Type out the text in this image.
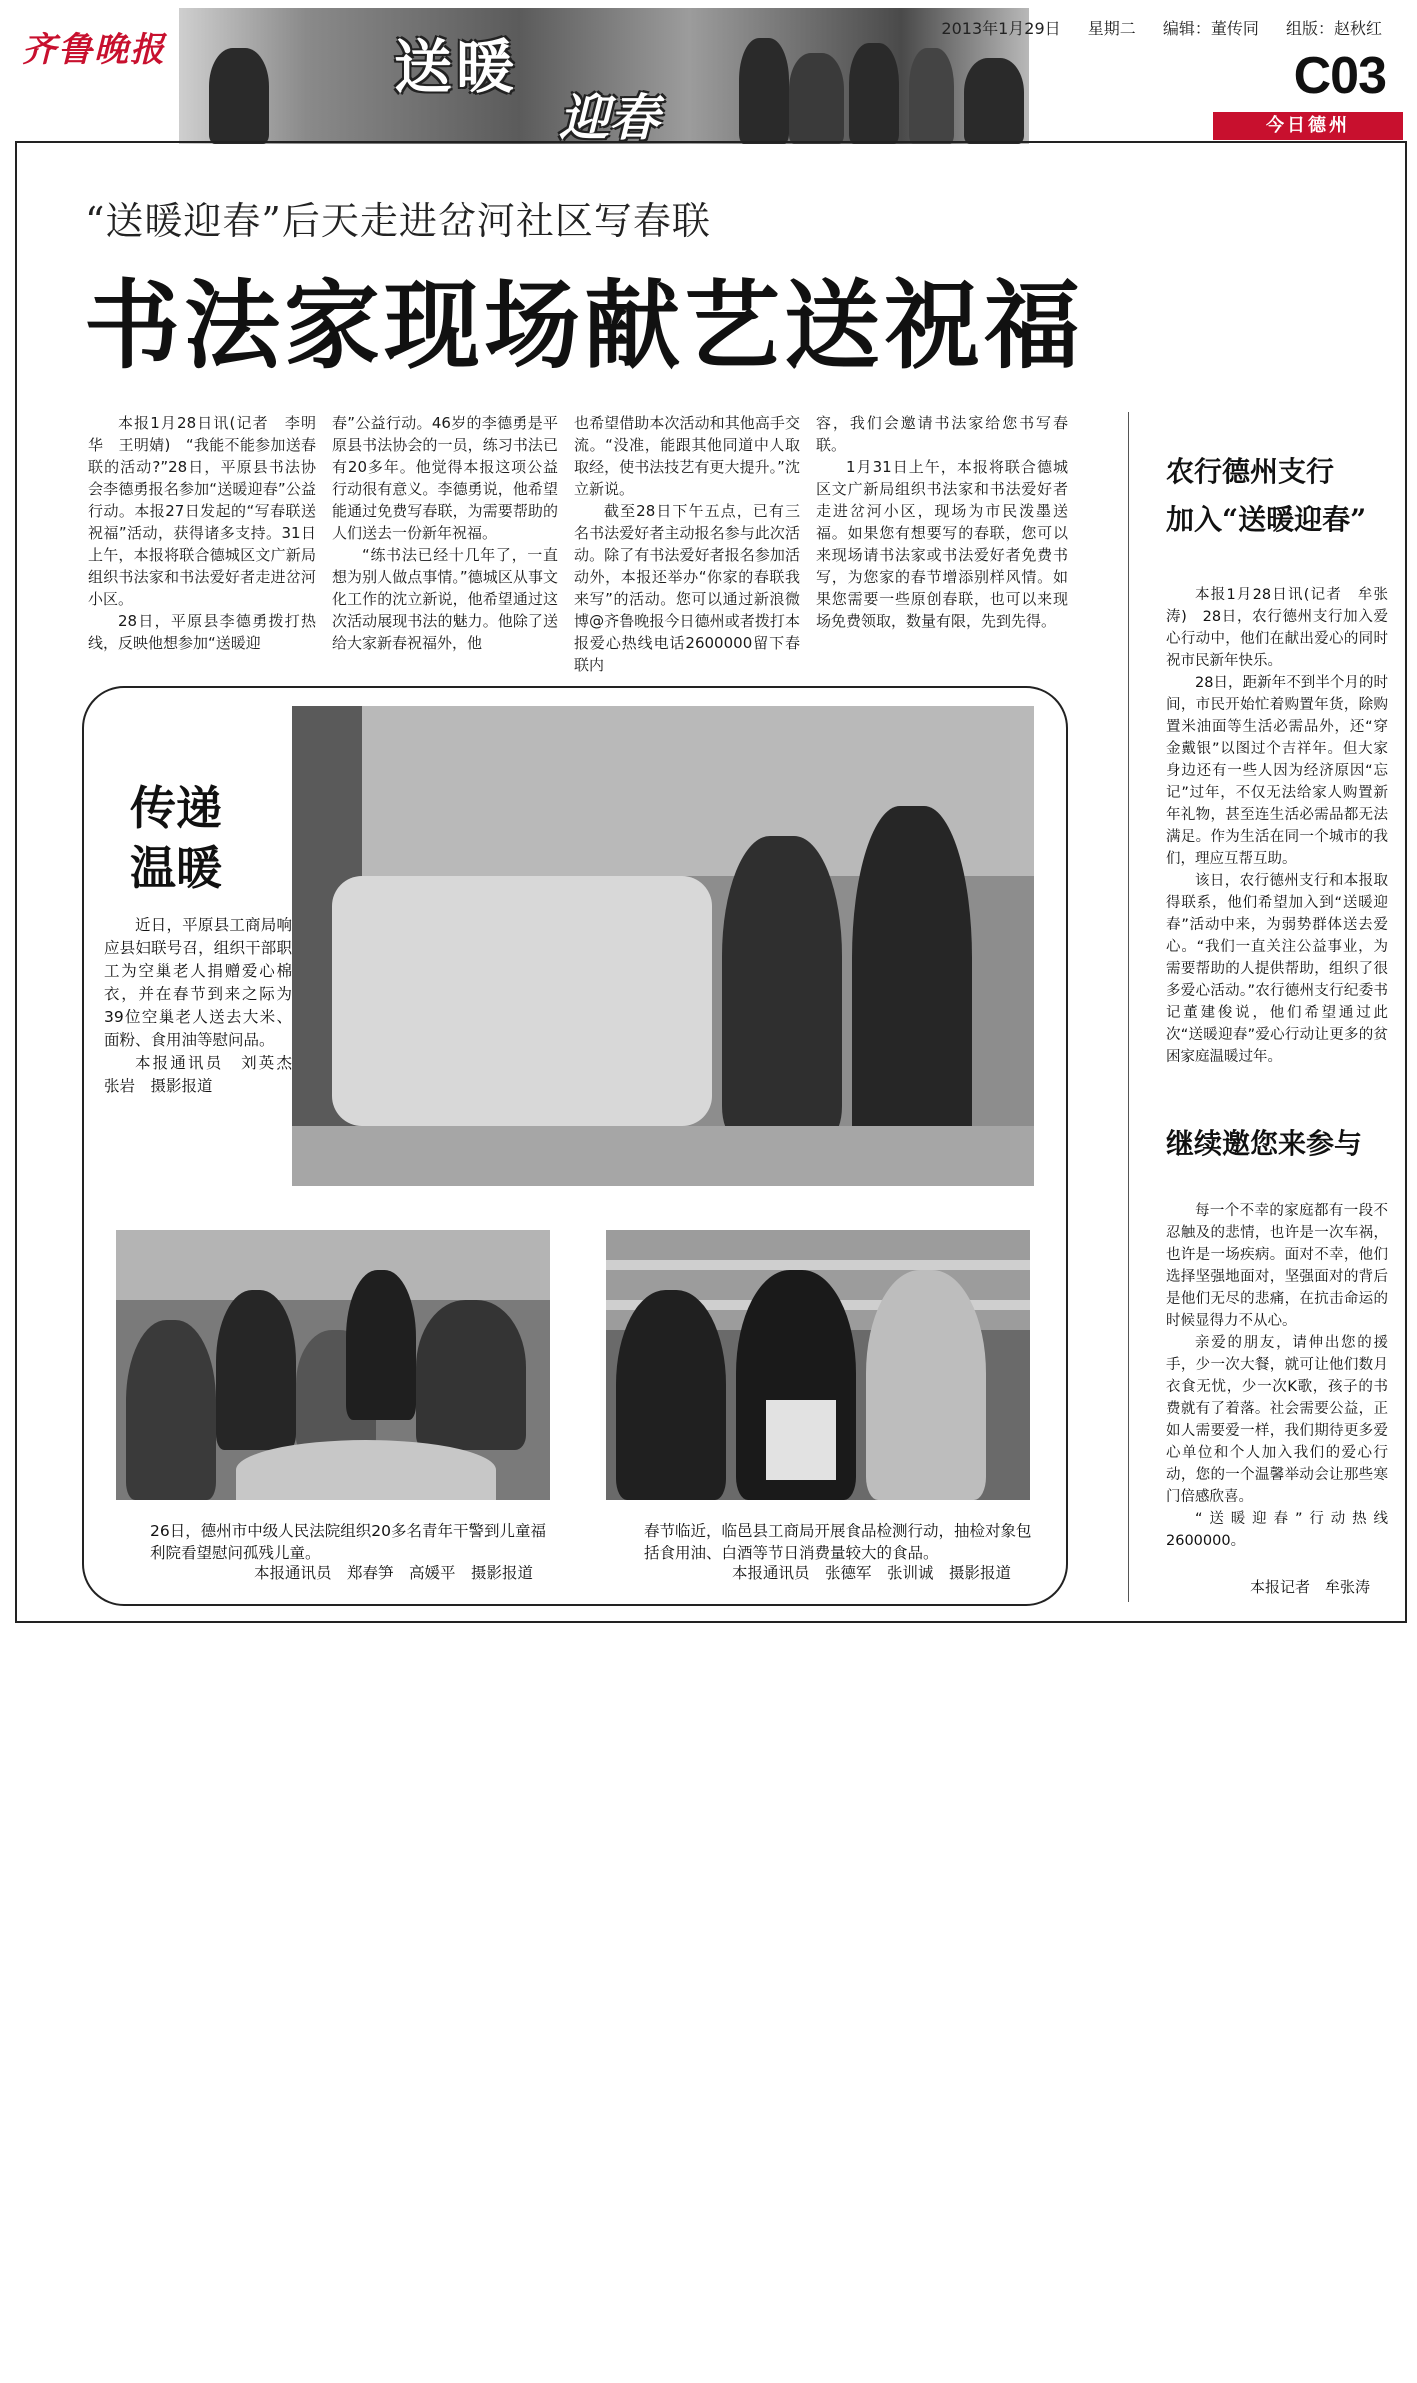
齐鲁晚报	送暖
迎春
2013年1月29日 星期二 编辑：董传同 组版：赵秋红
C03
今日德州
“送暖迎春”后天走进岔河社区写春联
书法家现场献艺送祝福

本报1月28日讯(记者　李明华　王明婧)　“我能不能参加送春联的活动?”28日，平原县书法协会李德勇报名参加“送暖迎春”公益行动。本报27日发起的“写春联送祝福”活动，获得诸多支持。31日上午，本报将联合德城区文广新局组织书法家和书法爱好者走进岔河小区。

28日，平原县李德勇拨打热线，反映他想参加“送暖迎

春”公益行动。46岁的李德勇是平原县书法协会的一员，练习书法已有20多年。他觉得本报这项公益行动很有意义。李德勇说，他希望能通过免费写春联，为需要帮助的人们送去一份新年祝福。

“练书法已经十几年了，一直想为别人做点事情。”德城区从事文化工作的沈立新说，他希望通过这次活动展现书法的魅力。他除了送给大家新春祝福外，他

也希望借助本次活动和其他高手交流。“没准，能跟其他同道中人取取经，使书法技艺有更大提升。”沈立新说。

截至28日下午五点，已有三名书法爱好者主动报名参与此次活动。除了有书法爱好者报名参加活动外，本报还举办“你家的春联我来写”的活动。您可以通过新浪微博@齐鲁晚报今日德州或者拨打本报爱心热线电话2600000留下春联内

容，我们会邀请书法家给您书写春联。

1月31日上午，本报将联合德城区文广新局组织书法家和书法爱好者走进岔河小区，现场为市民泼墨送福。如果您有想要写的春联，您可以来现场请书法家或书法爱好者免费书写，为您家的春节增添别样风情。如果您需要一些原创春联，也可以来现场免费领取，数量有限，先到先得。

传递
温暖

近日，平原县工商局响应县妇联号召，组织干部职工为空巢老人捐赠爱心棉衣，并在春节到来之际为39位空巢老人送去大米、面粉、食用油等慰问品。

本报通讯员　刘英杰　张岩　摄影报道

26日，德州市中级人民法院组织20多名青年干警到儿童福利院看望慰问孤残儿童。
本报通讯员　郑春笋　高媛平　摄影报道
春节临近，临邑县工商局开展食品检测行动，抽检对象包括食用油、白酒等节日消费量较大的食品。
本报通讯员　张德军　张训诚　摄影报道
农行德州支行
加入“送暖迎春”

本报1月28日讯(记者　牟张涛)　28日，农行德州支行加入爱心行动中，他们在献出爱心的同时祝市民新年快乐。

28日，距新年不到半个月的时间，市民开始忙着购置年货，除购置米油面等生活必需品外，还“穿金戴银”以图过个吉祥年。但大家身边还有一些人因为经济原因“忘记”过年，不仅无法给家人购置新年礼物，甚至连生活必需品都无法满足。作为生活在同一个城市的我们，理应互帮互助。

该日，农行德州支行和本报取得联系，他们希望加入到“送暖迎春”活动中来，为弱势群体送去爱心。“我们一直关注公益事业，为需要帮助的人提供帮助，组织了很多爱心活动。”农行德州支行纪委书记董建俊说，他们希望通过此次“送暖迎春”爱心行动让更多的贫困家庭温暖过年。

继续邀您来参与

每一个不幸的家庭都有一段不忍触及的悲情，也许是一次车祸，也许是一场疾病。面对不幸，他们选择坚强地面对，坚强面对的背后是他们无尽的悲痛，在抗击命运的时候显得力不从心。

亲爱的朋友，请伸出您的援手，少一次大餐，就可让他们数月衣食无忧，少一次K歌，孩子的书费就有了着落。社会需要公益，正如人需要爱一样，我们期待更多爱心单位和个人加入我们的爱心行动，您的一个温馨举动会让那些寒门倍感欣喜。

“送暖迎春”行动热线2600000。

本报记者　牟张涛
